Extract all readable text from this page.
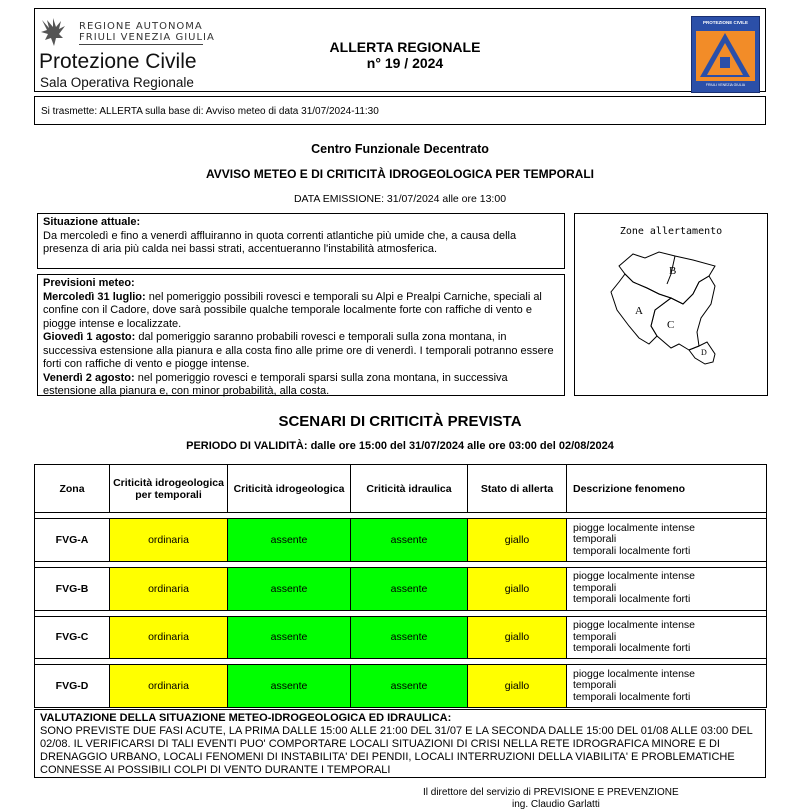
REGIONE AUTONOMA
FRIULI VENEZIA GIULIA
Protezione Civile
Sala Operativa Regionale
ALLERTA REGIONALE
n° 19 / 2024
PROTEZIONE CIVILE
FRIULI VENEZIA GIULIA
Si trasmette: ALLERTA sulla base di: Avviso meteo di data 31/07/2024-11:30
Centro Funzionale Decentrato
AVVISO METEO E DI CRITICITÀ IDROGEOLOGICA PER TEMPORALI
DATA EMISSIONE: 31/07/2024 alle ore 13:00
Situazione attuale:
Da mercoledì e fino a venerdì affluiranno in quota correnti atlantiche più umide che, a causa della presenza di aria più calda nei bassi strati, accentueranno l'instabilità atmosferica.
Previsioni meteo:
Mercoledì 31 luglio: nel pomeriggio possibili rovesci e temporali su Alpi e Prealpi Carniche, speciali al confine con il Cadore, dove sarà possibile qualche temporale localmente forte con raffiche di vento e piogge intense e localizzate.
Giovedì 1 agosto: dal pomeriggio saranno probabili rovesci e temporali sulla zona montana, in successiva estensione alla pianura e alla costa fino alle prime ore di venerdì. I temporali potranno essere forti con raffiche di vento e piogge intense.
Venerdì 2 agosto: nel pomeriggio rovesci e temporali sparsi sulla zona montana, in successiva estensione alla pianura e, con minor probabilità, alla costa.
Zone allertamento
B
A
C
D
SCENARI DI CRITICITÀ PREVISTA
PERIODO DI VALIDITÀ: dalle ore 15:00 del 31/07/2024 alle ore 03:00 del 02/08/2024
Zona	Criticità idrogeologica per temporali	Criticità idrogeologica	Criticità idraulica	Stato di allerta	Descrizione fenomeno

FVG-A	ordinaria	assente	assente	giallo	piogge localmente intense
temporali
temporali localmente forti

FVG-B	ordinaria	assente	assente	giallo	piogge localmente intense
temporali
temporali localmente forti

FVG-C	ordinaria	assente	assente	giallo	piogge localmente intense
temporali
temporali localmente forti

FVG-D	ordinaria	assente	assente	giallo	piogge localmente intense
temporali
temporali localmente forti
VALUTAZIONE DELLA SITUAZIONE METEO-IDROGEOLOGICA ED IDRAULICA:
SONO PREVISTE DUE FASI ACUTE, LA PRIMA DALLE 15:00 ALLE 21:00 DEL 31/07 E LA SECONDA DALLE 15:00 DEL 01/08 ALLE 03:00 DEL 02/08. IL VERIFICARSI DI TALI EVENTI PUO' COMPORTARE LOCALI SITUAZIONI DI CRISI NELLA RETE IDROGRAFICA MINORE E DI DRENAGGIO URBANO, LOCALI FENOMENI DI INSTABILITA' DEI PENDII, LOCALI INTERRUZIONI DELLA VIABILITA' E PROBLEMATICHE CONNESSE AI POSSIBILI COLPI DI VENTO DURANTE I TEMPORALI
Il direttore del servizio di PREVISIONE E PREVENZIONE
ing. Claudio Garlatti
